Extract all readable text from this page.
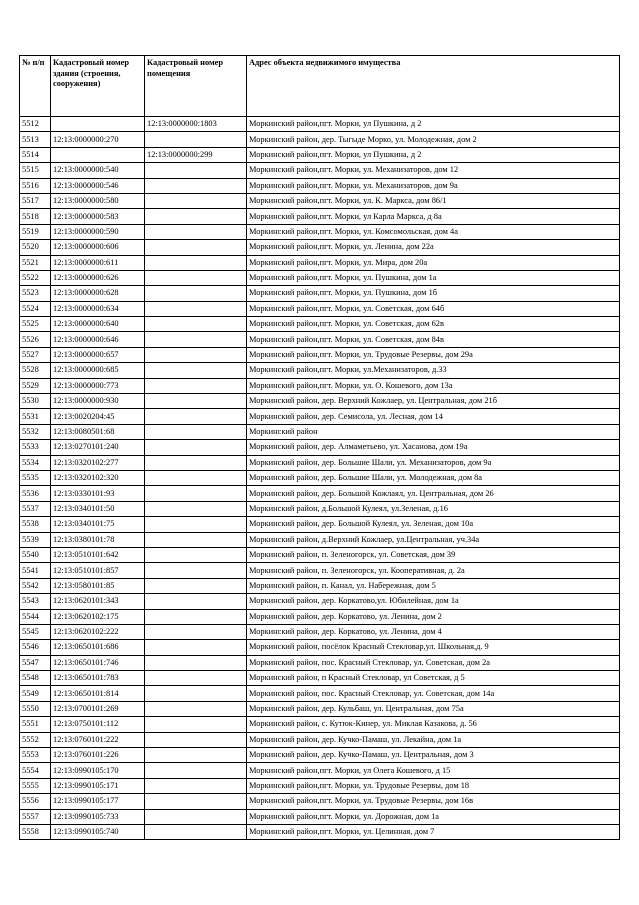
№ п/п	Кадастровый номер здания (строения, сооружения)	Кадастровый номер помещения	Адрес объекта недвижимого имущества
5512		12:13:0000000:1803	Моркинский район,пгт. Морки, ул Пушкина, д 2
5513	12:13:0000000:270		Моркинский район, дер. Тыгыде Морко, ул. Молодежная, дом 2
5514		12:13:0000000:299	Моркинский район,пгт. Морки, ул Пушкина, д 2
5515	12:13:0000000:540		Моркинский район,пгт. Морки, ул. Механизаторов, дом 12
5516	12:13:0000000:546		Моркинский район,пгт. Морки, ул. Механизаторов, дом 9а
5517	12:13:0000000:580		Моркинский район,пгт. Морки, ул. К. Маркса, дом 86/1
5518	12:13:0000000:583		Моркинский район,пгт. Морки, ул Карла Маркса, д 8а
5519	12:13:0000000:590		Моркинский район,пгт. Морки, ул. Комсомольская, дом 4а
5520	12:13:0000000:606		Моркинский район,пгт. Морки, ул. Ленина, дом 22а
5521	12:13:0000000:611		Моркинский район,пгт. Морки, ул. Мира, дом 20а
5522	12:13:0000000:626		Моркинский район,пгт. Морки, ул. Пушкина, дом 1а
5523	12:13:0000000:628		Моркинский район,пгт. Морки, ул. Пушкина, дом 1б
5524	12:13:0000000:634		Моркинский район,пгт. Морки, ул. Советская, дом 64б
5525	12:13:0000000:640		Моркинский район,пгт. Морки, ул. Советская, дом 62в
5526	12:13:0000000:646		Моркинский район,пгт. Морки, ул. Советская, дом 84в
5527	12:13:0000000:657		Моркинский район,пгт. Морки, ул. Трудовые Резервы, дом 29а
5528	12:13:0000000:685		Моркинский район,пгт. Морки, ул.Механизаторов, д.33
5529	12:13:0000000:773		Моркинский район,пгт. Морки, ул. О. Кошевого, дом 13а
5530	12:13:0000000:930		Моркинский район, дер. Верхний Кожлаер, ул. Центральная, дом 21б
5531	12:13:0020204:45		Моркинский район, дер. Семисола, ул. Лесная, дом 14
5532	12:13:0080501:68		Моркинский район
5533	12:13:0270101:240		Моркинский район, дер. Алмаметьево, ул. Хасанова, дом 19а
5534	12:13:0320102:277		Моркинский район, дер. Большие Шали, ул. Механизаторов, дом 9а
5535	12:13:0320102:320		Моркинский район, дер. Большие Шали, ул. Молодежная, дом 8а
5536	12:13:0330101:93		Моркинский район, дер. Большой Кожлаял, ул. Центральная, дом 26
5537	12:13:0340101:50		Моркинский район, д.Большой Кулеял, ул.Зеленая, д.16
5538	12:13:0340101:75		Моркинский район, дер. Большой Кулеял, ул. Зеленая, дом 10а
5539	12:13:0380101:78		Моркинский район, д.Верхний Кожлаер, ул.Центральная, уч.34а
5540	12:13:0510101:642		Моркинский район, п. Зеленогорск, ул. Советская, дом 39
5541	12:13:0510101:857		Моркинский район, п. Зеленогорск, ул. Кооперативная, д. 2а
5542	12:13:0580101:85		Моркинский район, п. Канал, ул. Набережная, дом 5
5543	12:13:0620101:343		Моркинский район, дер. Коркатово,ул. Юбилейная, дом 1а
5544	12:13:0620102:175		Моркинский район, дер. Коркатово, ул. Ленина, дом 2
5545	12:13:0620102:222		Моркинский район, дер. Коркатово, ул. Ленина, дом 4
5546	12:13:0650101:686		Моркинский район, посёлок Красный Стекловар,ул. Школьная,д. 9
5547	12:13:0650101:746		Моркинский район, пос. Красный Стекловар, ул. Советская, дом 2а
5548	12:13:0650101:783		Моркинский район, п Красный Стекловар, ул Советская, д 5
5549	12:13:0650101:814		Моркинский район, пос. Красный Стекловар, ул. Советская, дом 14а
5550	12:13:0700101:269		Моркинский район, дер. Кульбаш, ул. Центральная, дом 75а
5551	12:13:0750101:112		Моркинский район, с. Кутюк-Кинер, ул. Миклая Казакова, д. 56
5552	12:13:0760101:222		Моркинский район, дер. Кучко-Памаш, ул. Лекайна, дом 1а
5553	12:13:0760101:226		Моркинский район, дер. Кучко-Памаш, ул. Центральная, дом 3
5554	12:13:0990105:170		Моркинский район,пгт. Морки, ул Олега Кошевого, д 15
5555	12:13:0990105:171		Моркинский район,пгт. Морки, ул. Трудовые Резервы, дом 18
5556	12:13:0990105:177		Моркинский район,пгт. Морки, ул. Трудовые Резервы, дом 16в
5557	12:13:0990105:733		Моркинский район,пгт. Морки, ул. Дорожная, дом 1а
5558	12:13:0990105:740		Моркинский район,пгт. Морки, ул. Целинная, дом 7
